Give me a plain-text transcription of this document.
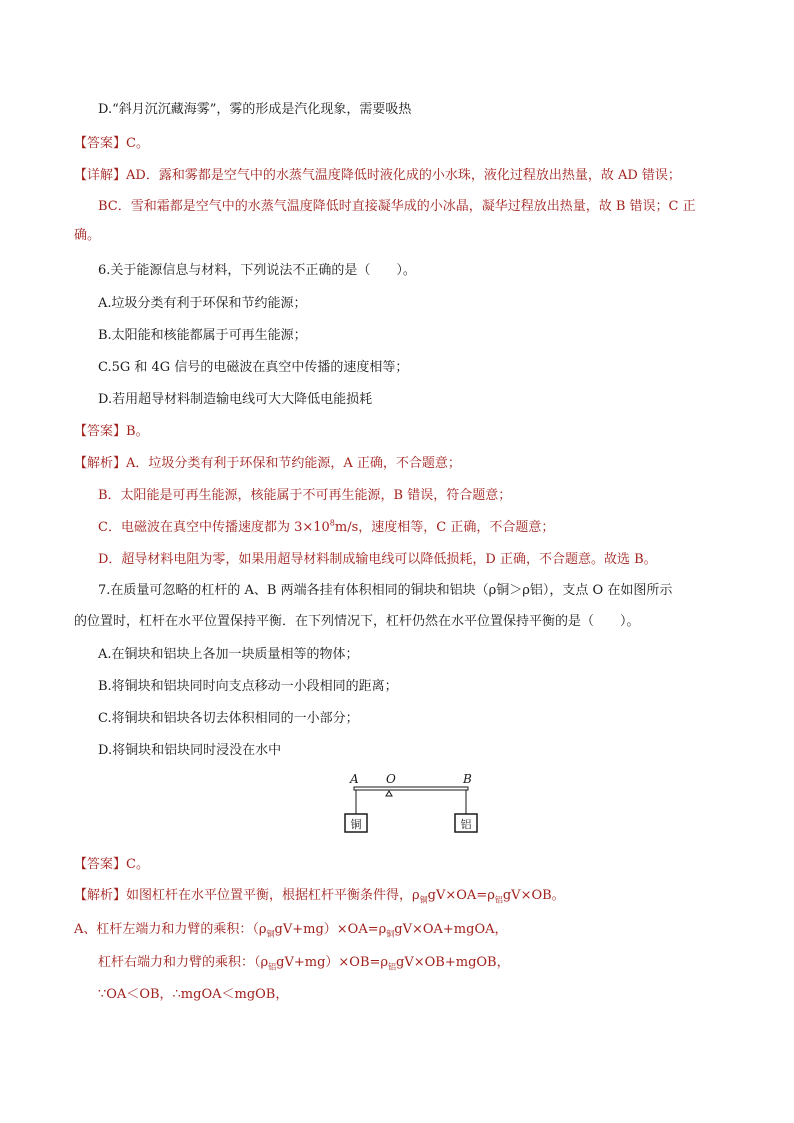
D.“斜月沉沉藏海雾”，雾的形成是汽化现象，需要吸热
【答案】C。
【详解】AD．露和雾都是空气中的水蒸气温度降低时液化成的小水珠，液化过程放出热量，故 AD 错误；
BC．雪和霜都是空气中的水蒸气温度降低时直接凝华成的小冰晶，凝华过程放出热量，故 B 错误；C 正
确。
6.关于能源信息与材料，下列说法不正确的是（　　）。
A.垃圾分类有利于环保和节约能源；
B.太阳能和核能都属于可再生能源；
C.5G 和 4G 信号的电磁波在真空中传播的速度相等；
D.若用超导材料制造输电线可大大降低电能损耗
【答案】B。
【解析】A．垃圾分类有利于环保和节约能源，A 正确，不合题意；
B．太阳能是可再生能源，核能属于不可再生能源，B 错误，符合题意；
C．电磁波在真空中传播速度都为 $3\times 10^8m/s$，速度相等，C 正确，不合题意；
D．超导材料电阻为零，如果用超导材料制成输电线可以降低损耗，D 正确，不合题意。故选 B。
7.在质量可忽略的杠杆的 A、B 两端各挂有体积相同的铜块和铝块（ρ铜＞ρ铝），支点 O 在如图所示
的位置时，杠杆在水平位置保持平衡．在下列情况下，杠杆仍然在水平位置保持平衡的是（　　）。
A.在铜块和铝块上各加一块质量相等的物体；
B.将铜块和铝块同时向支点移动一小段相同的距离；
C.将铜块和铝块各切去体积相同的一小部分；
D.将铜块和铝块同时浸没在水中
A O	B
铜	铝
【答案】C。
【解析】如图杠杆在水平位置平衡，根据杠杆平衡条件得，$\rho_铜gV\times OA=\rho_铝gV\times OB$。
A、杠杆左端力和力臂的乘积：$(\rho_铜gV+mg)\times OA=\rho_铜gV\times OA+mgOA$，
杠杆右端力和力臂的乘积：$(\rho_铝gV+mg)\times OB=\rho_铝gV\times OB+mgOB$，
∵OA＜OB，∴mgOA＜mgOB，
